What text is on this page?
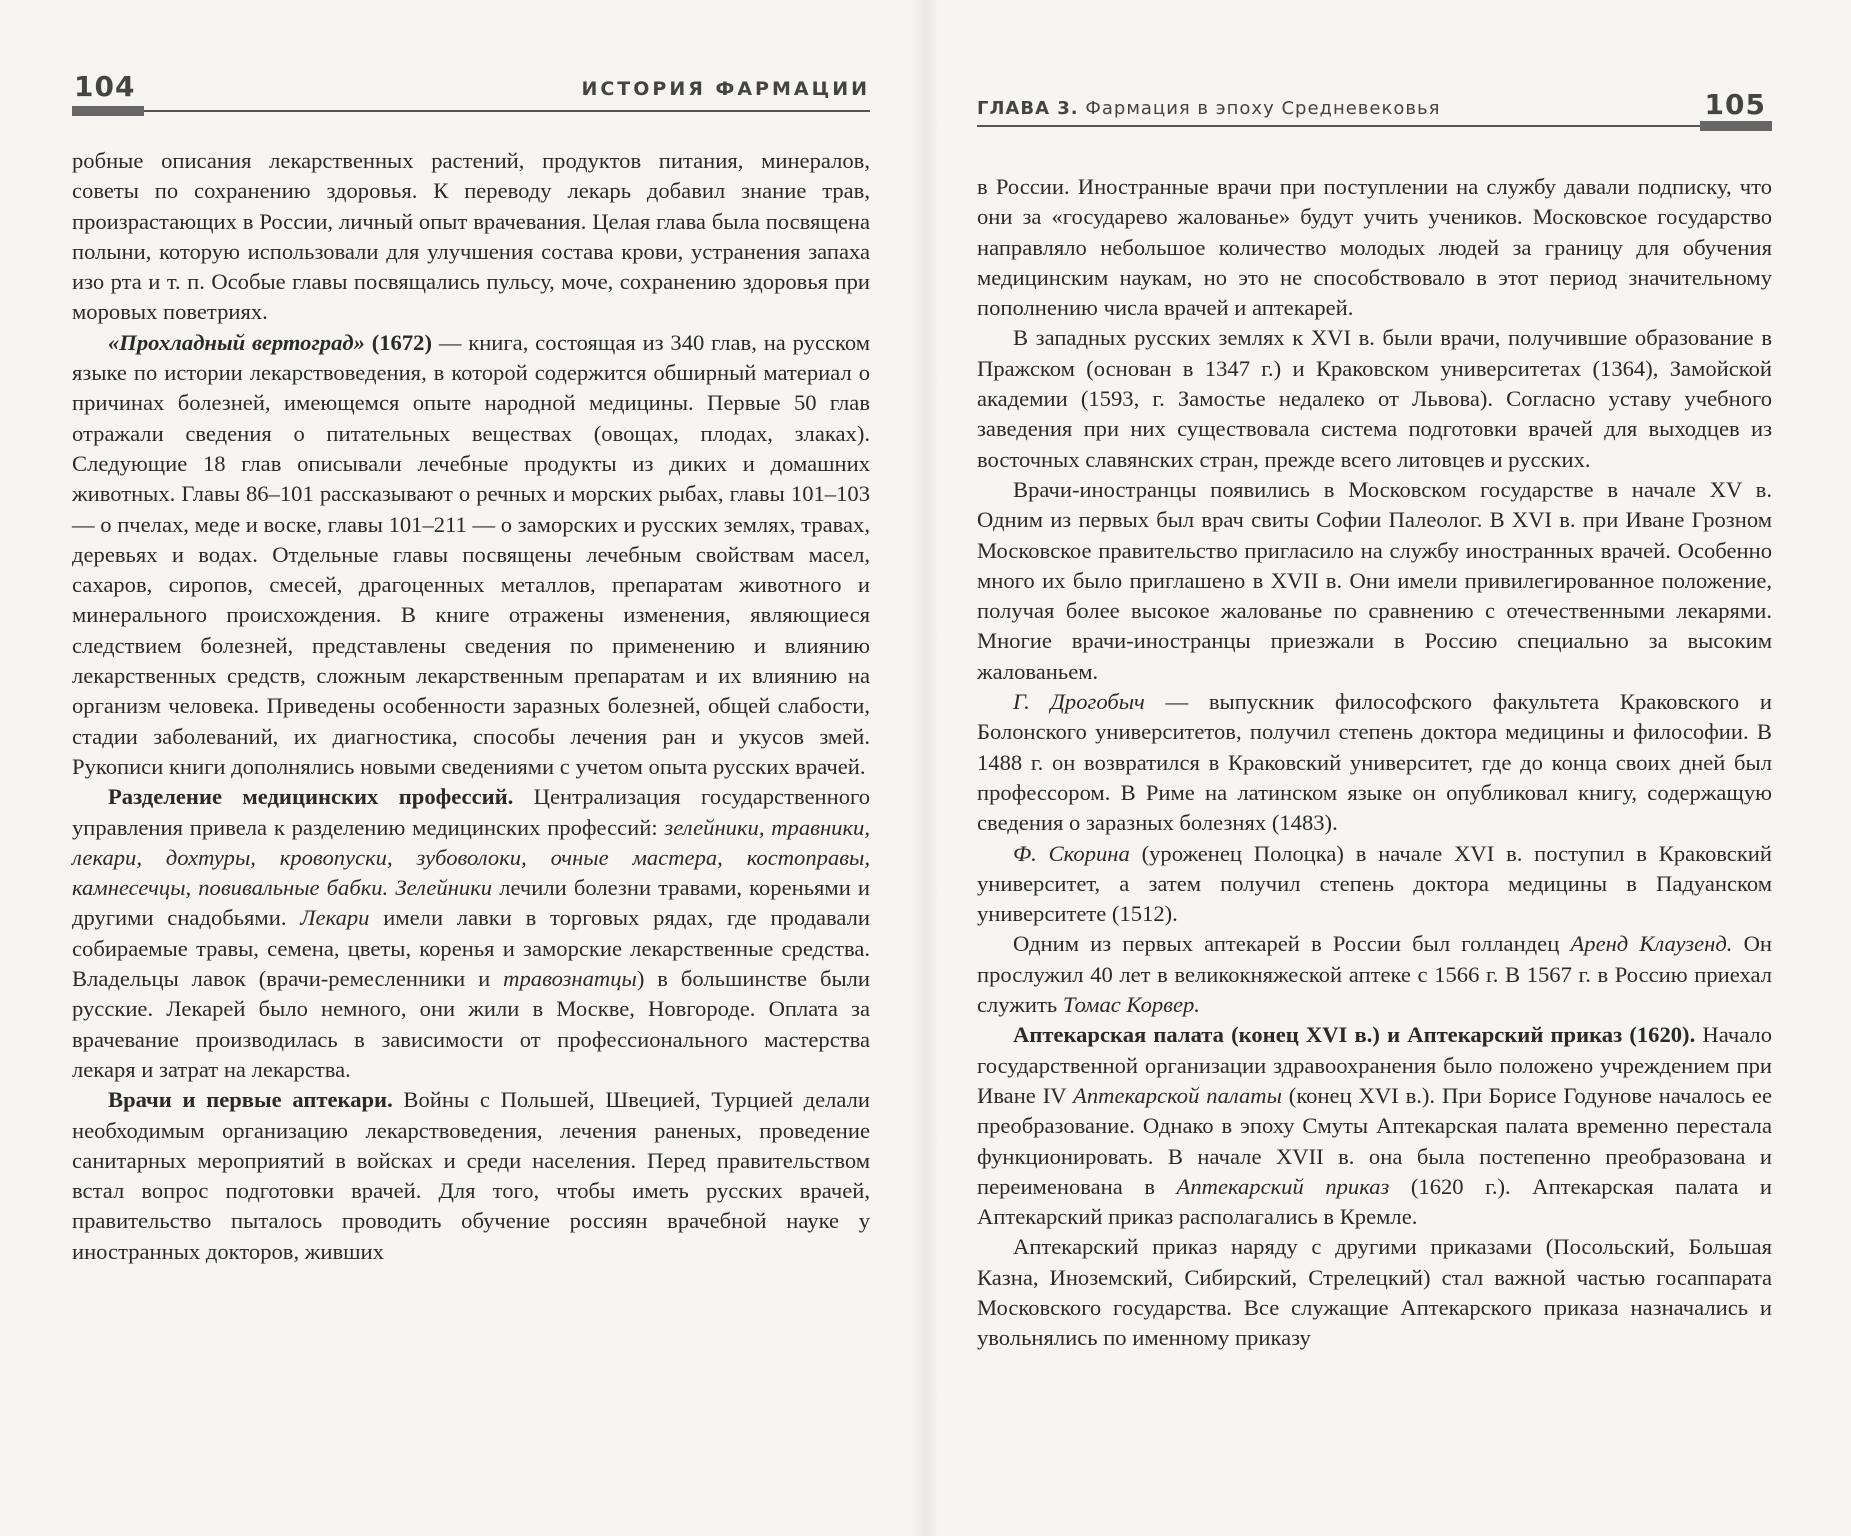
104	ИСТОРИЯ ФАРМАЦИИ

робные описания лекарственных растений, продуктов питания, минералов, советы по сохранению здоровья. К переводу лекарь добавил знание трав, произрастающих в России, личный опыт врачевания. Целая глава была посвящена полыни, которую использовали для улучшения состава крови, устранения запаха изо рта и т. п. Особые главы посвящались пульсу, моче, сохранению здоровья при моровых поветриях.

«Прохладный вертоград» (1672) — книга, состоящая из 340 глав, на русском языке по истории лекарствоведения, в которой содержится обширный материал о причинах болезней, имеющемся опыте народной медицины. Первые 50 глав отражали сведения о питательных веществах (овощах, плодах, злаках). Следующие 18 глав описывали лечебные продукты из диких и домашних животных. Главы 86–101 рассказывают о речных и морских рыбах, главы 101–103 — о пчелах, меде и воске, главы 101–211 — о заморских и русских землях, травах, деревьях и водах. Отдельные главы посвящены лечебным свойствам масел, сахаров, сиропов, смесей, драгоценных металлов, препаратам животного и минерального происхождения. В книге отражены изменения, являющиеся следствием болезней, представлены сведения по применению и влиянию лекарственных средств, сложным лекарственным препаратам и их влиянию на организм человека. Приведены особенности заразных болезней, общей слабости, стадии заболеваний, их диагностика, способы лечения ран и укусов змей. Рукописи книги дополнялись новыми сведениями с учетом опыта русских врачей.

Разделение медицинских профессий. Централизация государственного управления привела к разделению медицинских профессий: зелейники, травники, лекари, дохтуры, кровопуски, зубоволоки, очные мастера, костоправы, камнесечцы, повивальные бабки. Зелейники лечили болезни травами, кореньями и другими снадобьями. Лекари имели лавки в торговых рядах, где продавали собираемые травы, семена, цветы, коренья и заморские лекарственные средства. Владельцы лавок (врачи-ремесленники и травознатцы) в большинстве были русские. Лекарей было немного, они жили в Москве, Новгороде. Оплата за врачевание производилась в зависимости от профессионального мастерства лекаря и затрат на лекарства.

Врачи и первые аптекари. Войны с Польшей, Швецией, Турцией делали необходимым организацию лекарствоведения, лечения раненых, проведение санитарных мероприятий в войсках и среди населения. Перед правительством встал вопрос подготовки врачей. Для того, чтобы иметь русских врачей, правительство пыталось проводить обучение россиян врачебной науке у иностранных докторов, живших

ГЛАВА 3. Фармация в эпоху Средневековья	105

в России. Иностранные врачи при поступлении на службу давали подписку, что они за «государево жалованье» будут учить учеников. Московское государство направляло небольшое количество молодых людей за границу для обучения медицинским наукам, но это не способствовало в этот период значительному пополнению числа врачей и аптекарей.

В западных русских землях к XVI в. были врачи, получившие образование в Пражском (основан в 1347 г.) и Краковском университетах (1364), Замойской академии (1593, г. Замостье недалеко от Львова). Согласно уставу учебного заведения при них существовала система подготовки врачей для выходцев из восточных славянских стран, прежде всего литовцев и русских.

Врачи-иностранцы появились в Московском государстве в начале XV в. Одним из первых был врач свиты Софии Палеолог. В XVI в. при Иване Грозном Московское правительство пригласило на службу иностранных врачей. Особенно много их было приглашено в XVII в. Они имели привилегированное положение, получая более высокое жалованье по сравнению с отечественными лекарями. Многие врачи-иностранцы приезжали в Россию специально за высоким жалованьем.

Г. Дрогобыч — выпускник философского факультета Краковского и Болонского университетов, получил степень доктора медицины и философии. В 1488 г. он возвратился в Краковский университет, где до конца своих дней был профессором. В Риме на латинском языке он опубликовал книгу, содержащую сведения о заразных болезнях (1483).

Ф. Скорина (уроженец Полоцка) в начале XVI в. поступил в Краковский университет, а затем получил степень доктора медицины в Падуанском университете (1512).

Одним из первых аптекарей в России был голландец Аренд Клаузенд. Он прослужил 40 лет в великокняжеской аптеке с 1566 г. В 1567 г. в Россию приехал служить Томас Корвер.

Аптекарская палата (конец XVI в.) и Аптекарский приказ (1620). Начало государственной организации здравоохранения было положено учреждением при Иване IV Аптекарской палаты (конец XVI в.). При Борисе Годунове началось ее преобразование. Однако в эпоху Смуты Аптекарская палата временно перестала функционировать. В начале XVII в. она была постепенно преобразована и переименована в Аптекарский приказ (1620 г.). Аптекарская палата и Аптекарский приказ располагались в Кремле.

Аптекарский приказ наряду с другими приказами (Посольский, Большая Казна, Иноземский, Сибирский, Стрелецкий) стал важной частью госаппарата Московского государства. Все служащие Аптекарского приказа назначались и увольнялись по именному приказу
